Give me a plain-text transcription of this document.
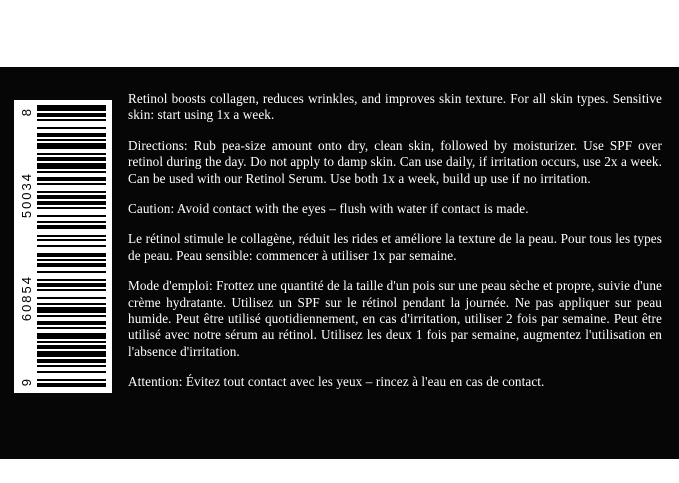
8
50034
60854
9

Retinol boosts collagen, reduces wrinkles, and improves skin texture. For all skin types. Sensitive skin: start using 1x a week.

Directions: Rub pea-size amount onto dry, clean skin, followed by moisturizer. Use SPF over retinol during the day. Do not apply to damp skin. Can use daily, if irritation occurs, use 2x a week. Can be used with our Retinol Serum. Use both 1x a week, build up use if no irritation.

Caution: Avoid contact with the eyes – flush with water if contact is made.

Le rétinol stimule le collagène, réduit les rides et améliore la texture de la peau. Pour tous les types de peau. Peau sensible: commencer à utiliser 1x par semaine.

Mode d'emploi: Frottez une quantité de la taille d'un pois sur une peau sèche et propre, suivie d'une crème hydratante. Utilisez un SPF sur le rétinol pendant la journée. Ne pas appliquer sur peau humide. Peut être utilisé quotidiennement, en cas d'irritation, utiliser 2 fois par semaine. Peut être utilisé avec notre sérum au rétinol. Utilisez les deux 1 fois par semaine, augmentez l'utilisation en l'absence d'irritation.

Attention: Évitez tout contact avec les yeux – rincez à l'eau en cas de contact.
